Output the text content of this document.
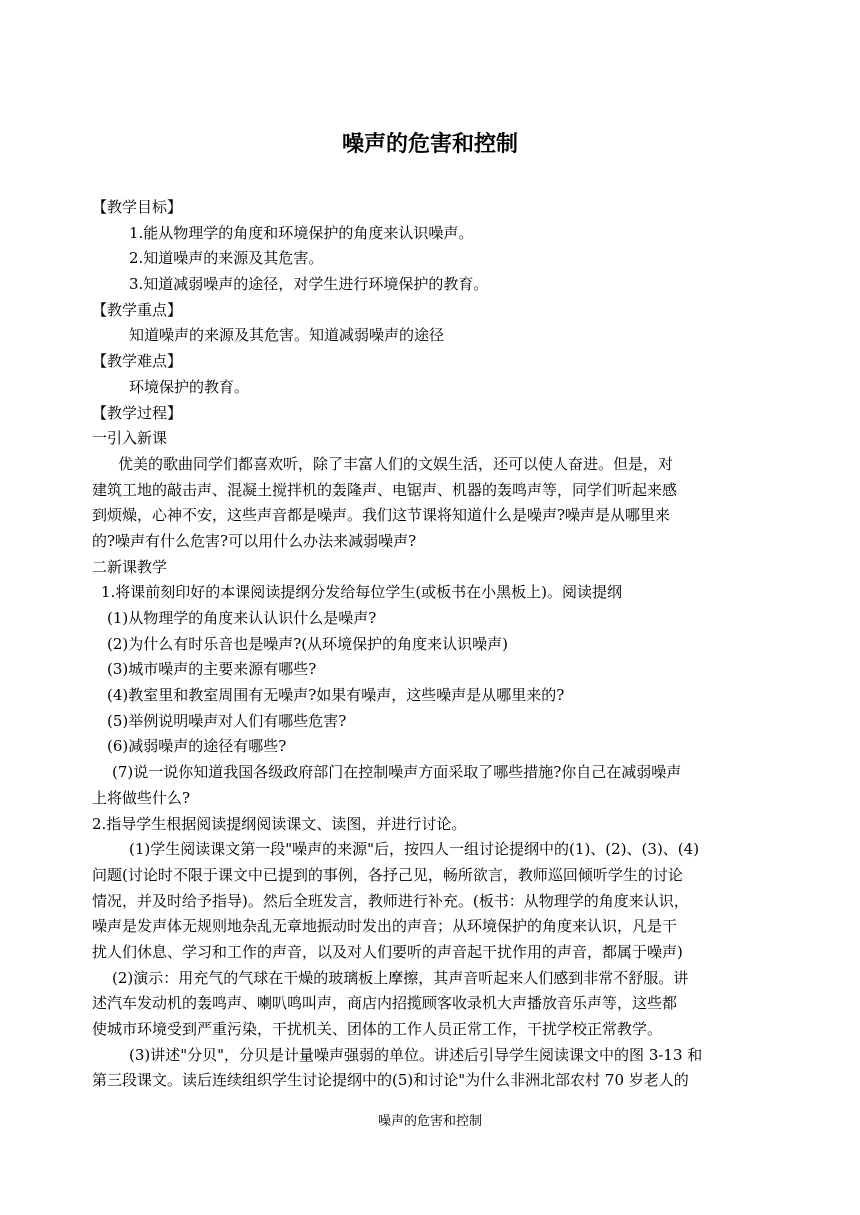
噪声的危害和控制
【教学目标】
1.能从物理学的角度和环境保护的角度来认识噪声。
2.知道噪声的来源及其危害。
3.知道减弱噪声的途径，对学生进行环境保护的教育。
【教学重点】
知道噪声的来源及其危害。知道减弱噪声的途径
【教学难点】
环境保护的教育。
【教学过程】
一引入新课
优美的歌曲同学们都喜欢听，除了丰富人们的文娱生活，还可以使人奋进。但是，对
建筑工地的敲击声、混凝土搅拌机的轰隆声、电锯声、机器的轰鸣声等，同学们听起来感
到烦燥，心神不安，这些声音都是噪声。我们这节课将知道什么是噪声?噪声是从哪里来
的?噪声有什么危害?可以用什么办法来减弱噪声?
二新课教学
1.将课前刻印好的本课阅读提纲分发给每位学生(或板书在小黑板上)。阅读提纲
(1)从物理学的角度来认认识什么是噪声?
(2)为什么有时乐音也是噪声?(从环境保护的角度来认识噪声)
(3)城市噪声的主要来源有哪些?
(4)教室里和教室周围有无噪声?如果有噪声，这些噪声是从哪里来的?
(5)举例说明噪声对人们有哪些危害?
(6)减弱噪声的途径有哪些?
(7)说一说你知道我国各级政府部门在控制噪声方面采取了哪些措施?你自己在减弱噪声
上将做些什么?
2.指导学生根据阅读提纲阅读课文、读图，并进行讨论。
(1)学生阅读课文第一段"噪声的来源"后，按四人一组讨论提纲中的(1)、(2)、(3)、(4)
问题(讨论时不限于课文中已提到的事例，各抒己见，畅所欲言，教师巡回倾听学生的讨论
情况，并及时给予指导)。然后全班发言，教师进行补充。(板书：从物理学的角度来认识，
噪声是发声体无规则地杂乱无章地振动时发出的声音；从环境保护的角度来认识，凡是干
扰人们休息、学习和工作的声音，以及对人们要听的声音起干扰作用的声音，都属于噪声)
(2)演示：用充气的气球在干燥的玻璃板上摩擦，其声音听起来人们感到非常不舒服。讲
述汽车发动机的轰鸣声、喇叭鸣叫声，商店内招揽顾客收录机大声播放音乐声等，这些都
使城市环境受到严重污染，干扰机关、团体的工作人员正常工作，干扰学校正常教学。
(3)讲述"分贝"，分贝是计量噪声强弱的单位。讲述后引导学生阅读课文中的图 3-13 和
第三段课文。读后连续组织学生讨论提纲中的(5)和讨论"为什么非洲北部农村 70 岁老人的
噪声的危害和控制
